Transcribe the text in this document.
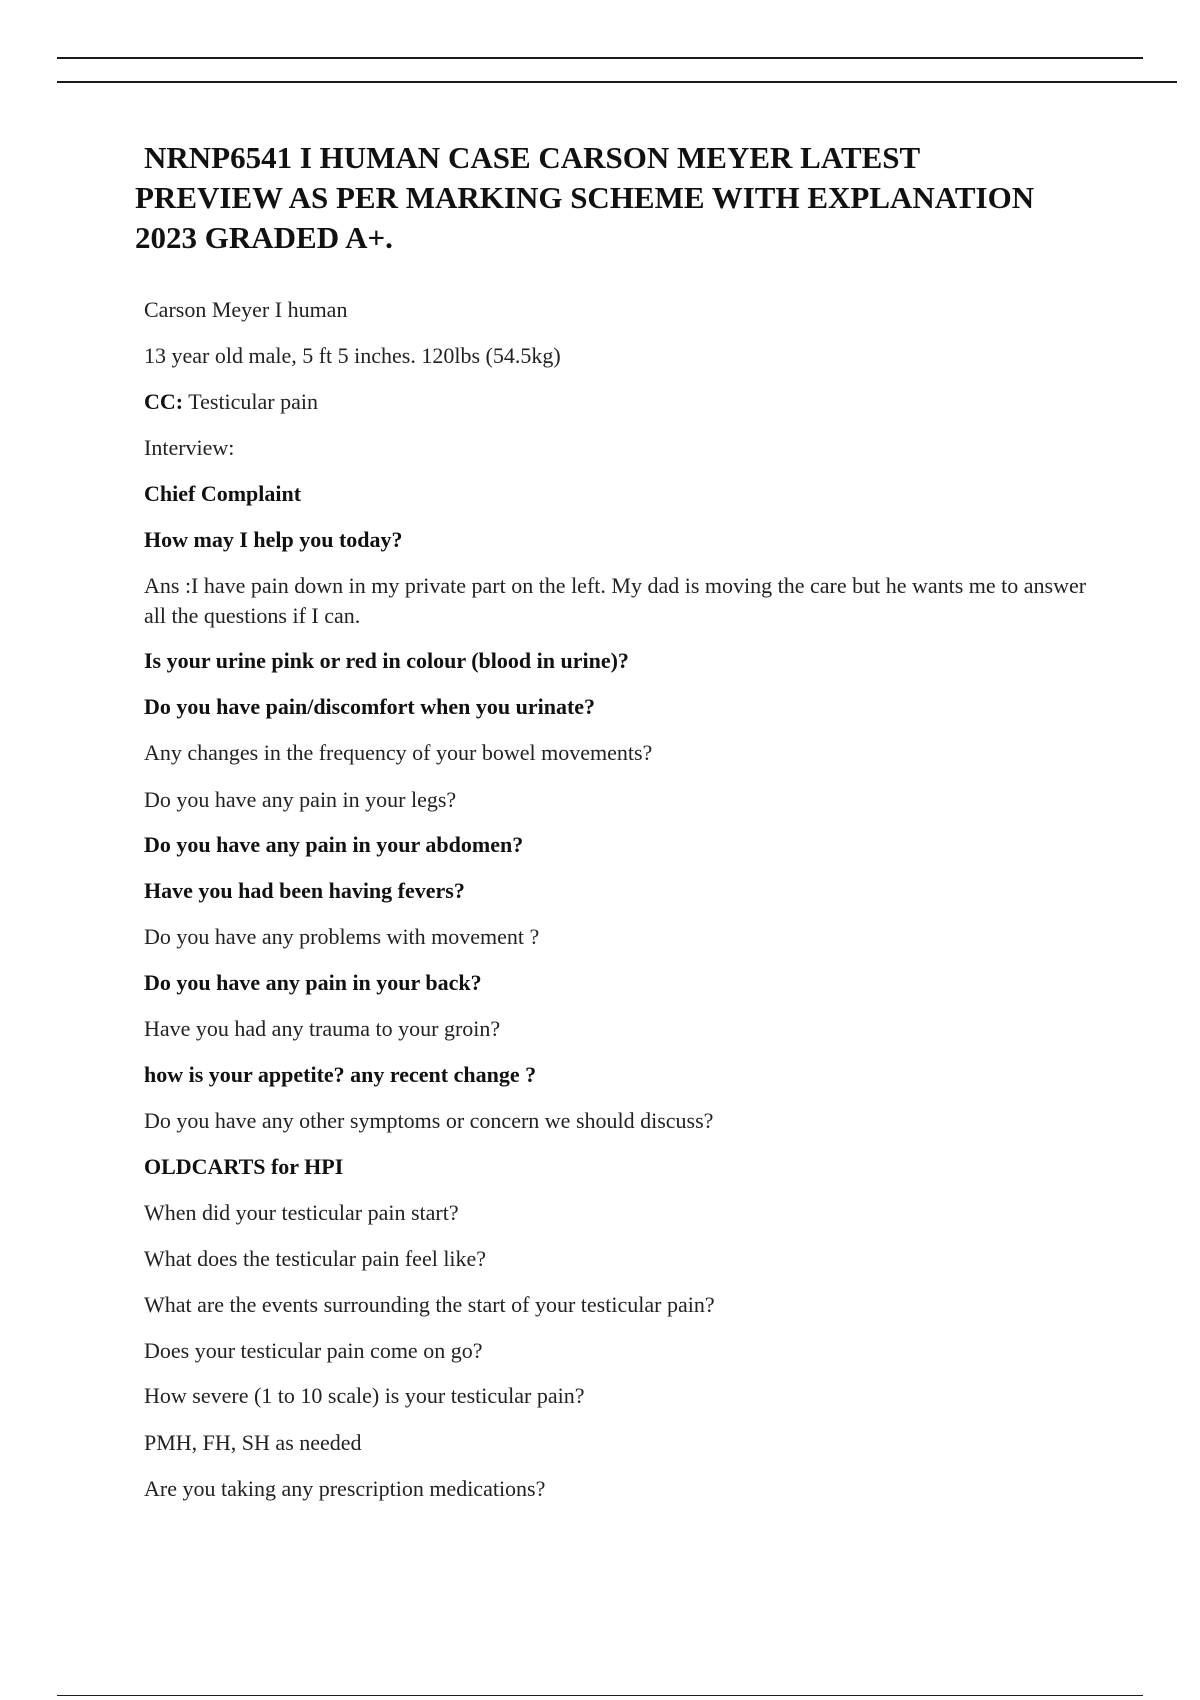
NRNP6541 I HUMAN CASE CARSON MEYER LATEST
PREVIEW AS PER MARKING SCHEME WITH EXPLANATION
2023 GRADED A+.
Carson Meyer I human
13 year old male, 5 ft 5 inches. 120lbs (54.5kg)
CC: Testicular pain
Interview:
Chief Complaint
How may I help you today?
Ans :I have pain down in my private part on the left. My dad is moving the care but he wants me to answer all the questions if I can.
Is your urine pink or red in colour (blood in urine)?
Do you have pain/discomfort when you urinate?
Any changes in the frequency of your bowel movements?
Do you have any pain in your legs?
Do you have any pain in your abdomen?
Have you had been having fevers?
Do you have any problems with movement ?
Do you have any pain in your back?
Have you had any trauma to your groin?
how is your appetite? any recent change ?
Do you have any other symptoms or concern we should discuss?
OLDCARTS for HPI
When did your testicular pain start?
What does the testicular pain feel like?
What are the events surrounding the start of your testicular pain?
Does your testicular pain come on go?
How severe (1 to 10 scale) is your testicular pain?
PMH, FH, SH as needed
Are you taking any prescription medications?
